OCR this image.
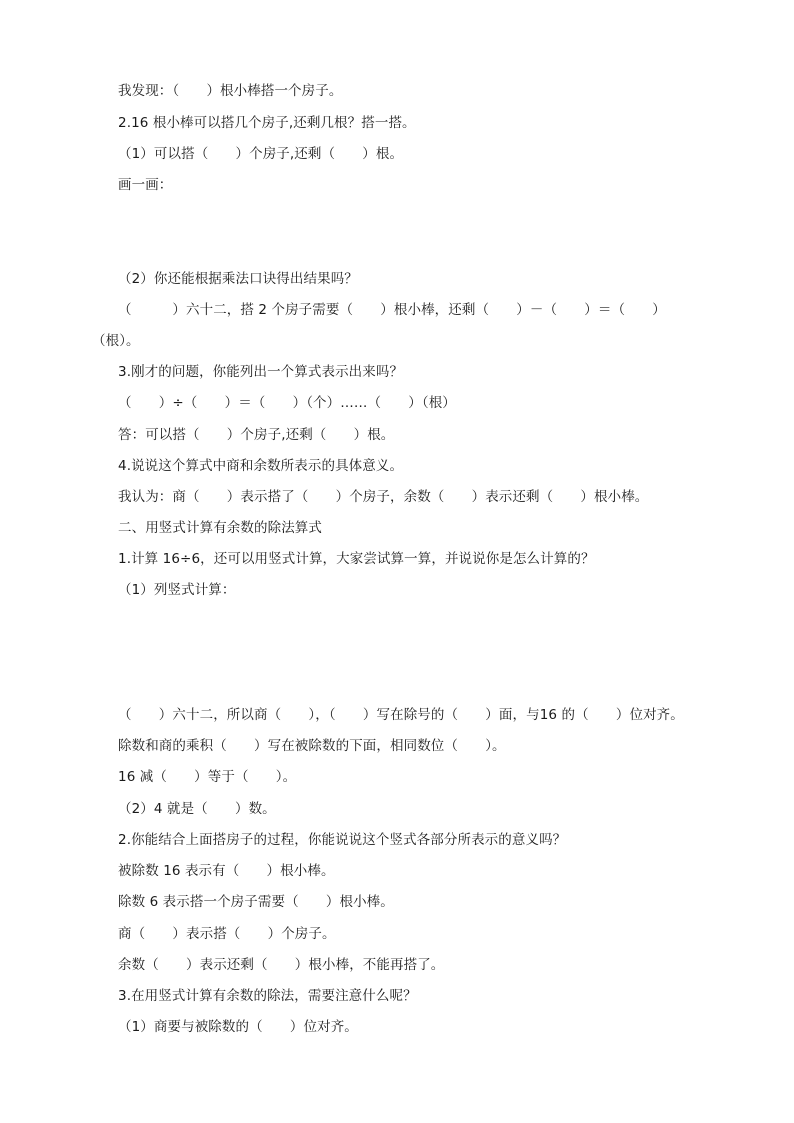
我发现：（　　）根小棒搭一个房子。
2.16 根小棒可以搭几个房子,还剩几根？搭一搭。
（1）可以搭（　　）个房子,还剩（　　）根。
画一画：
（2）你还能根据乘法口诀得出结果吗？
（　　　）六十二，搭 2 个房子需要（　　）根小棒，还剩（　　）－（　　）＝（　　）
（根）。
3.刚才的问题，你能列出一个算式表示出来吗？
（　　）÷（　　）＝（　　）（个）……（　　）（根）
答：可以搭（　　）个房子,还剩（　　）根。
4.说说这个算式中商和余数所表示的具体意义。
我认为：商（　　）表示搭了（　　）个房子，余数（　　）表示还剩（　　）根小棒。
二、用竖式计算有余数的除法算式
1.计算 16÷6，还可以用竖式计算，大家尝试算一算，并说说你是怎么计算的？
（1）列竖式计算：
（　　）六十二，所以商（　　），（　　）写在除号的（　　）面，与16 的（　　）位对齐。
除数和商的乘积（　　）写在被除数的下面，相同数位（　　）。
16 减（　　）等于（　　）。
（2）4 就是（　　）数。
2.你能结合上面搭房子的过程，你能说说这个竖式各部分所表示的意义吗？
被除数 16 表示有（　　）根小棒。
除数 6 表示搭一个房子需要（　　）根小棒。
商（　　）表示搭（　　）个房子。
余数（　　）表示还剩（　　）根小棒，不能再搭了。
3.在用竖式计算有余数的除法，需要注意什么呢？
（1）商要与被除数的（　　）位对齐。
